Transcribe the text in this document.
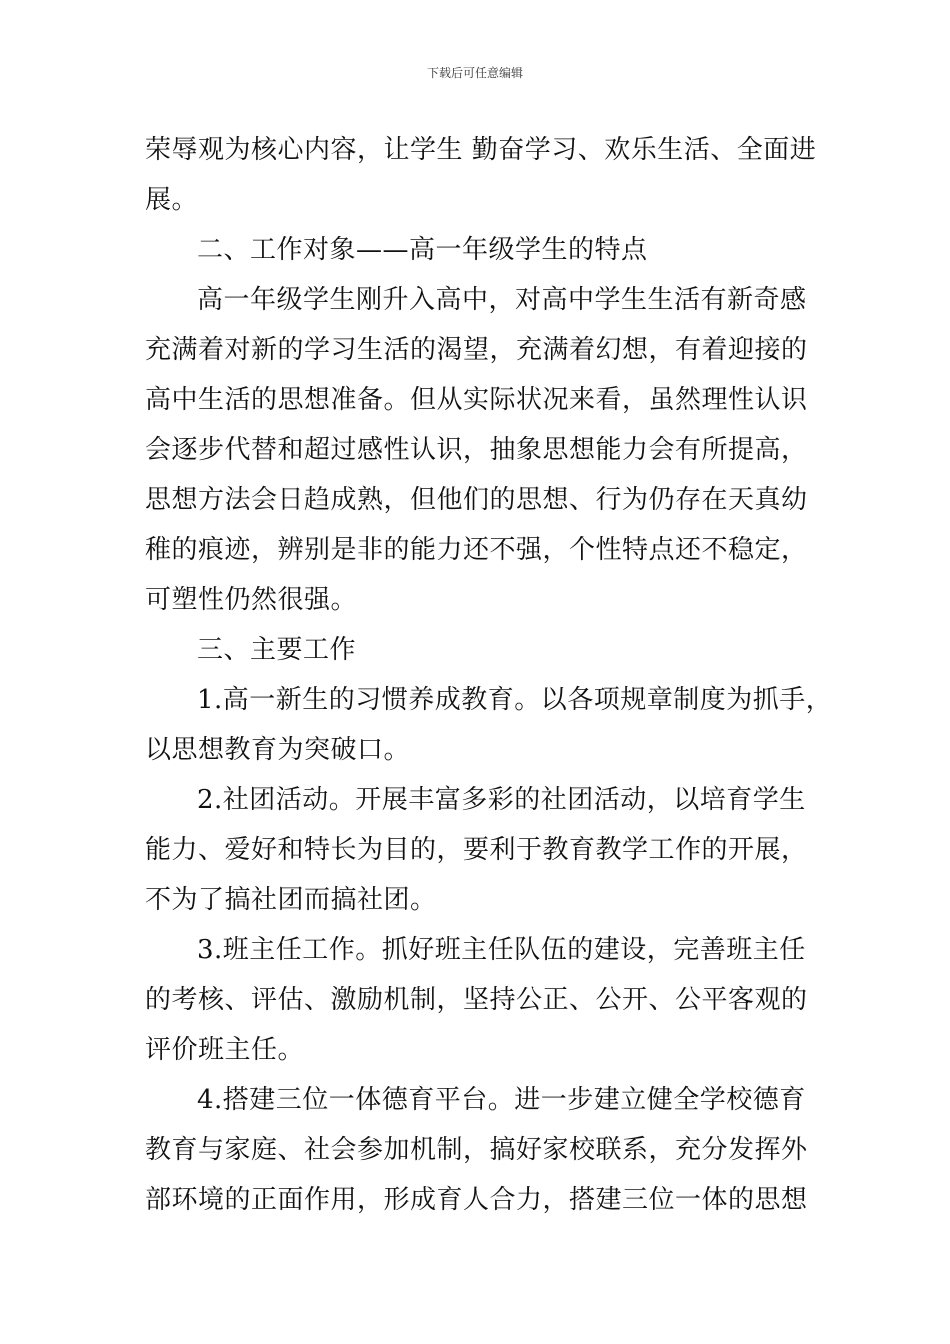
下载后可任意编辑
荣辱观为核心内容，让学生 勤奋学习、欢乐生活、全面进
展。
二、工作对象——高一年级学生的特点
高一年级学生刚升入高中，对高中学生生活有新奇感
充满着对新的学习生活的渴望，充满着幻想，有着迎接的
高中生活的思想准备。但从实际状况来看，虽然理性认识
会逐步代替和超过感性认识，抽象思想能力会有所提高，
思想方法会日趋成熟，但他们的思想、行为仍存在天真幼
稚的痕迹，辨别是非的能力还不强，个性特点还不稳定，
可塑性仍然很强。
三、主要工作
1.高一新生的习惯养成教育。以各项规章制度为抓手，
以思想教育为突破口。
2.社团活动。开展丰富多彩的社团活动，以培育学生
能力、爱好和特长为目的，要利于教育教学工作的开展，
不为了搞社团而搞社团。
3.班主任工作。抓好班主任队伍的建设，完善班主任
的考核、评估、激励机制，坚持公正、公开、公平客观的
评价班主任。
4.搭建三位一体德育平台。进一步建立健全学校德育
教育与家庭、社会参加机制，搞好家校联系，充分发挥外
部环境的正面作用，形成育人合力，搭建三位一体的思想
